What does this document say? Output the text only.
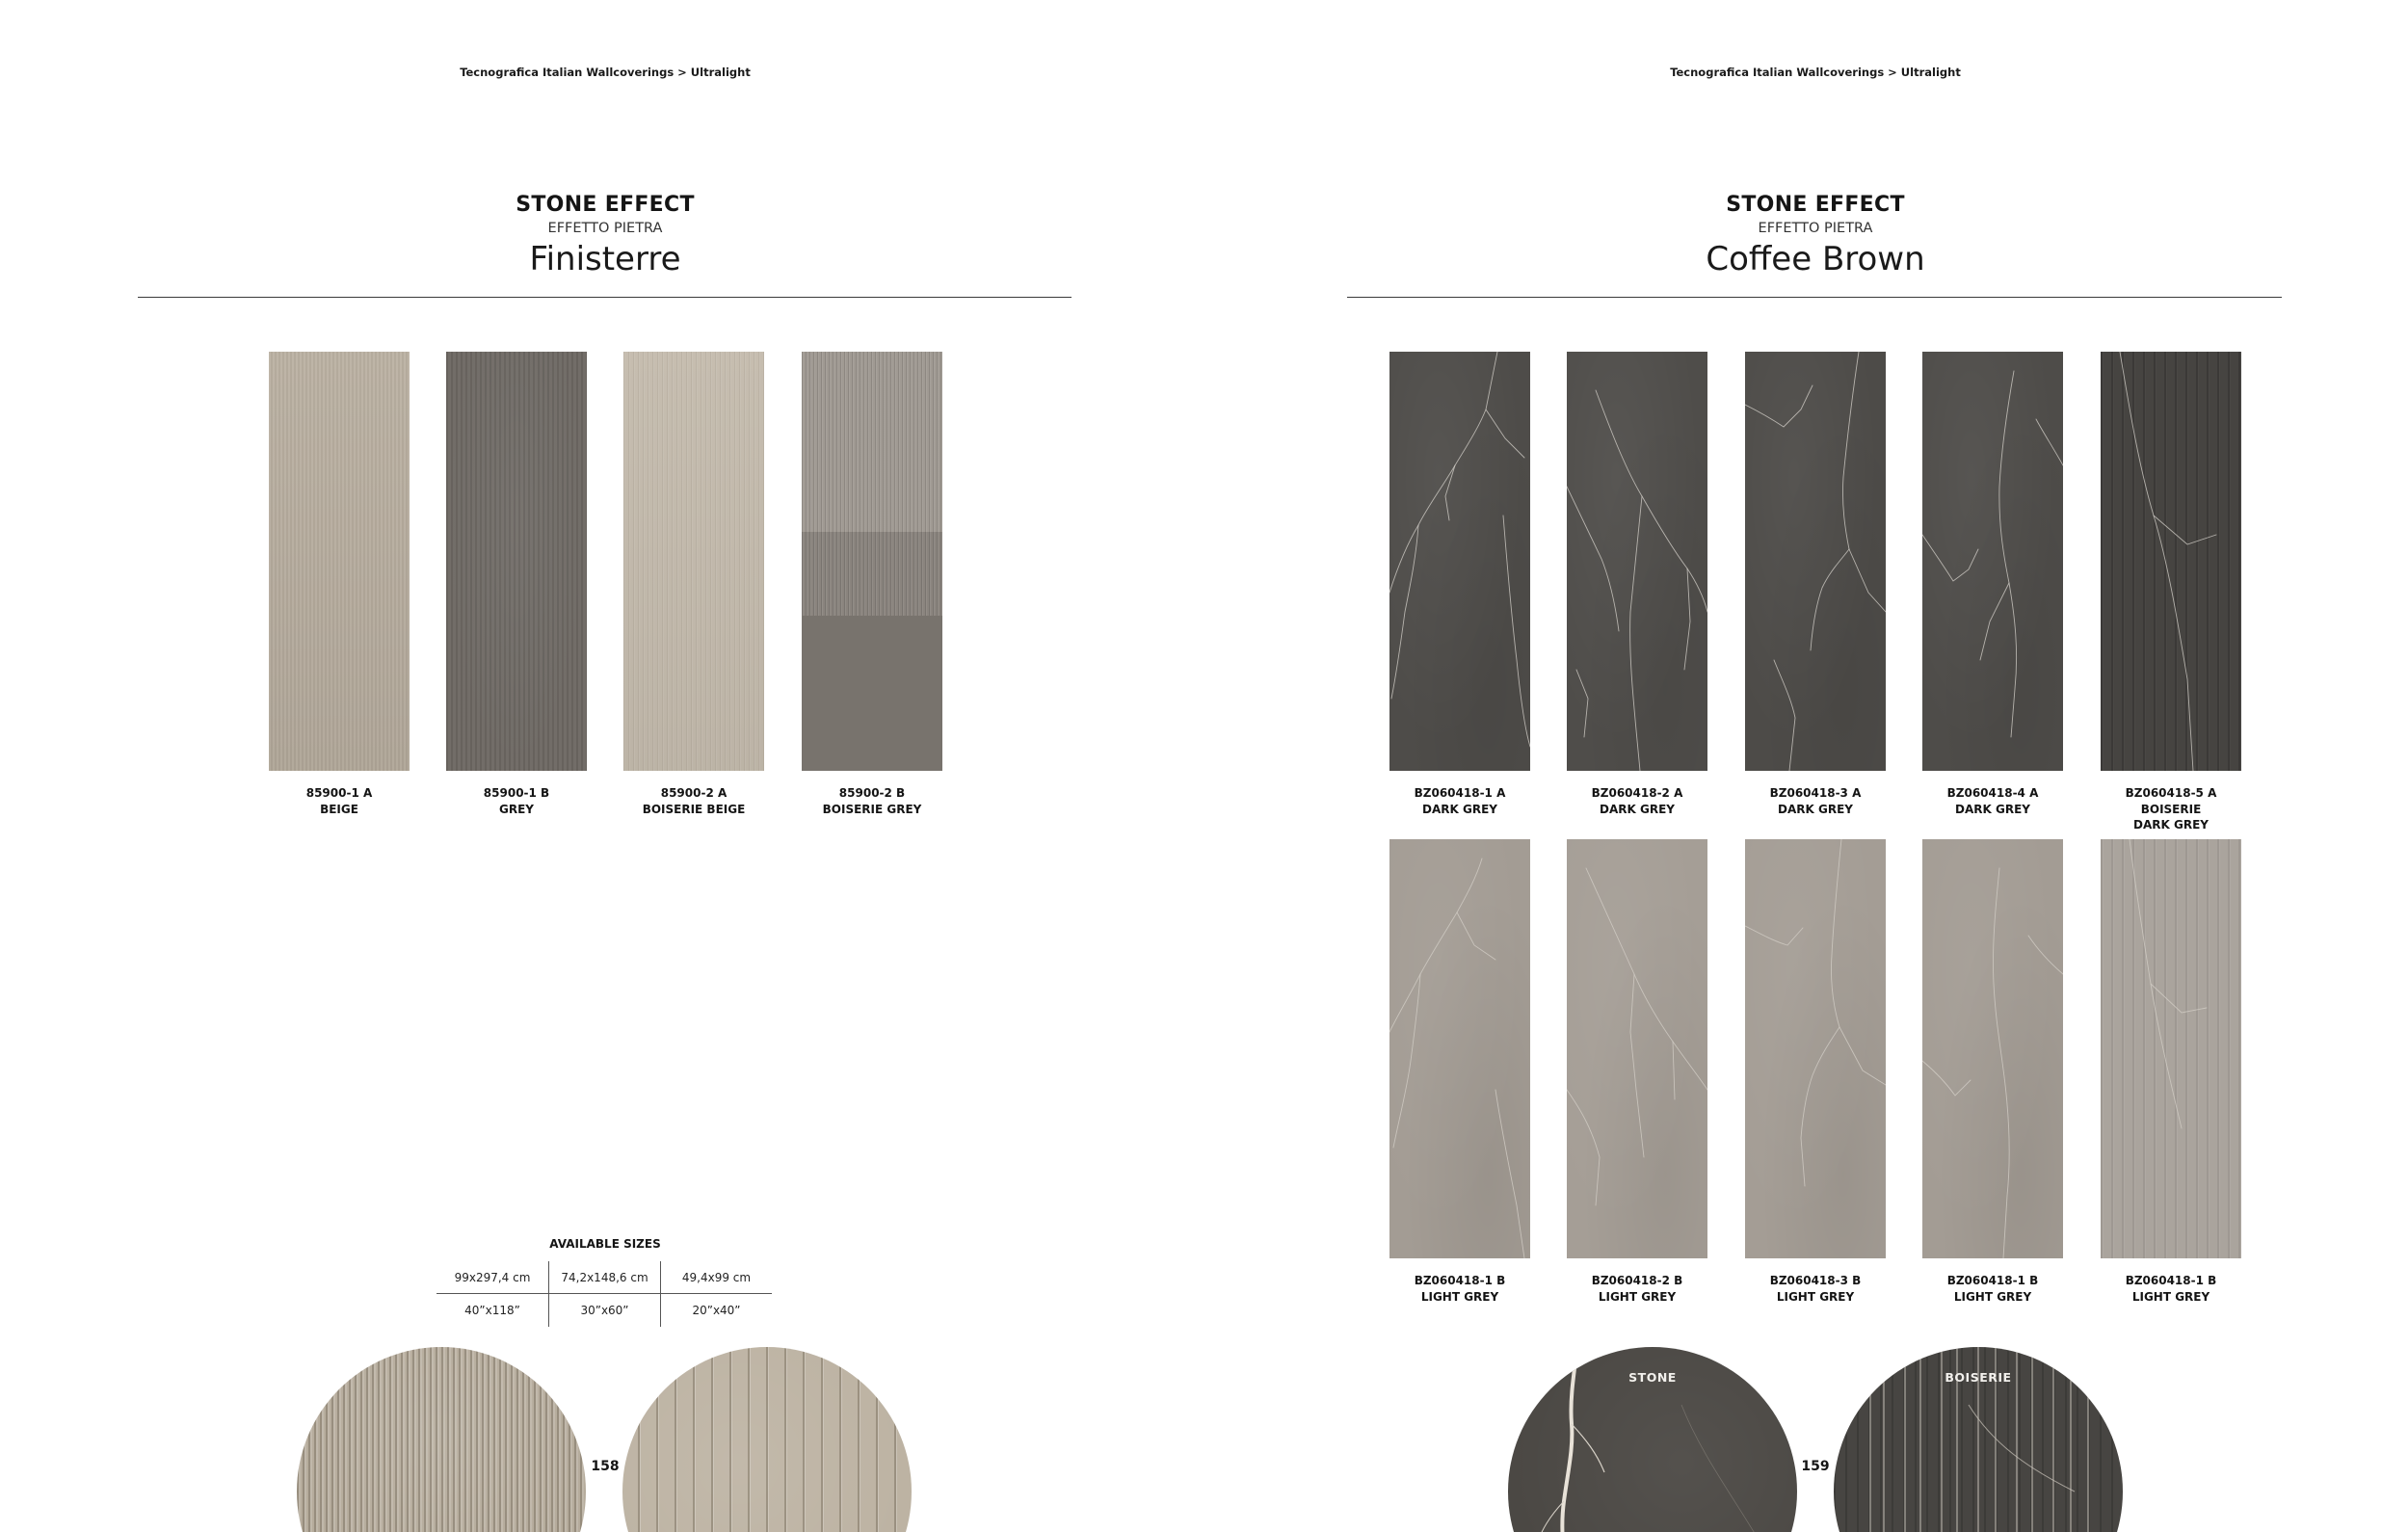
Tecnografica Italian Wallcoverings > Ultralight
STONE EFFECT
EFFETTO PIETRA
Finisterre
85900-1 A
BEIGE
85900-1 B
GREY
85900-2 A
BOISERIE BEIGE
85900-2 B
BOISERIE GREY
AVAILABLE SIZES
99x297,4 cm	74,2x148,6 cm	49,4x99 cm
40”x118”	30”x60”	20”x40”
158
Tecnografica Italian Wallcoverings > Ultralight
STONE EFFECT
EFFETTO PIETRA
Coffee Brown
BZ060418-1 A
DARK GREY
BZ060418-2 A
DARK GREY
BZ060418-3 A
DARK GREY
BZ060418-4 A
DARK GREY
BZ060418-5 A
BOISERIE
DARK GREY
BZ060418-1 B
LIGHT GREY
BZ060418-2 B
LIGHT GREY
BZ060418-3 B
LIGHT GREY
BZ060418-1 B
LIGHT GREY
BZ060418-1 B
LIGHT GREY
STONE	BOISERIE
159
